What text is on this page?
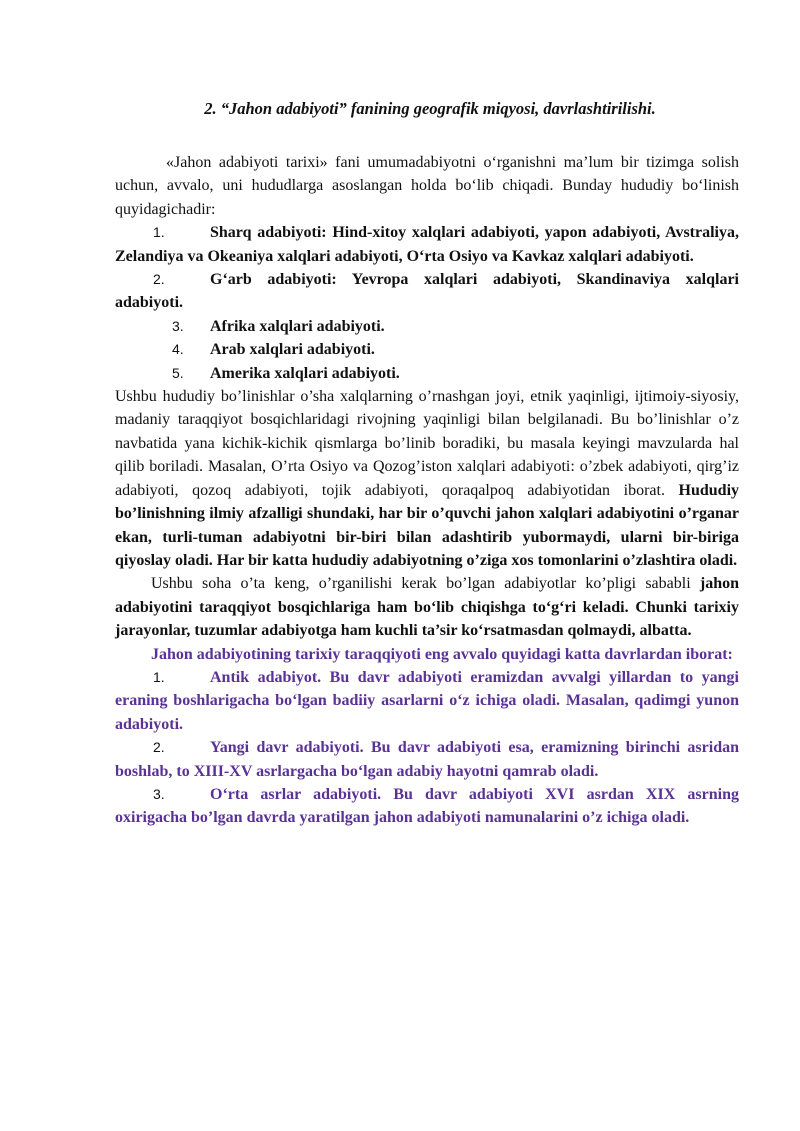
2. “Jahon adabiyoti” fanining geografik miqyosi, davrlashtirilishi.

«Jahon adabiyoti tarixi» fani umumadabiyotni o‘rganishni ma’lum bir tizimga solish uchun, avvalo, uni hududlarga asoslangan holda bo‘lib chiqadi. Bunday hududiy bo‘linish quyidagichadir:

1.	Sharq adabiyoti: Hind-xitoy xalqlari adabiyoti, yapon adabiyoti, Avstraliya, Zelandiya va Okeaniya xalqlari adabiyoti, O‘rta Osiyo va Kavkaz xalqlari adabiyoti.

2.	G‘arb adabiyoti: Yevropa xalqlari adabiyoti, Skandinaviya xalqlari adabiyoti.

3. Afrika xalqlari adabiyoti.

4. Arab xalqlari adabiyoti.

5. Amerika xalqlari adabiyoti.

Ushbu hududiy bo’linishlar o’sha xalqlarning o’rnashgan joyi, etnik yaqinligi, ijtimoiy-siyosiy, madaniy taraqqiyot bosqichlaridagi rivojning yaqinligi bilan belgilanadi. Bu bo’linishlar o’z navbatida yana kichik-kichik qismlarga bo’linib boradiki, bu masala keyingi mavzularda hal qilib boriladi. Masalan, O’rta Osiyo va Qozog’iston xalqlari adabiyoti: o’zbek adabiyoti, qirg’iz adabiyoti, qozoq adabiyoti, tojik adabiyoti, qoraqalpoq adabiyotidan iborat. Hududiy bo’linishning ilmiy afzalligi shundaki, har bir o’quvchi jahon xalqlari adabiyotini o’rganar ekan, turli-tuman adabiyotni bir-biri bilan adashtirib yubormaydi, ularni bir-biriga qiyoslay oladi. Har bir katta hududiy adabiyotning o’ziga xos tomonlarini o’zlashtira oladi.

Ushbu soha o’ta keng, o’rganilishi kerak bo’lgan adabiyotlar ko’pligi sababli jahon adabiyotini taraqqiyot bosqichlariga ham bo‘lib chiqishga to‘g‘ri keladi. Chunki tarixiy jarayonlar, tuzumlar adabiyotga ham kuchli ta’sir ko‘rsatmasdan qolmaydi, albatta.

Jahon adabiyotining tarixiy taraqqiyoti eng avvalo quyidagi katta davrlardan iborat:

1.	Antik adabiyot. Bu davr adabiyoti eramizdan avvalgi yillardan to yangi eraning boshlarigacha bo‘lgan badiiy asarlarni o‘z ichiga oladi. Masalan, qadimgi yunon adabiyoti.

2.	Yangi davr adabiyoti. Bu davr adabiyoti esa, eramizning birinchi asridan boshlab, to XIII-XV asrlargacha bo‘lgan adabiy hayotni qamrab oladi.

3.	O‘rta asrlar adabiyoti. Bu davr adabiyoti XVI asrdan XIX asrning oxirigacha bo’lgan davrda yaratilgan jahon adabiyoti namunalarini o’z ichiga oladi.
